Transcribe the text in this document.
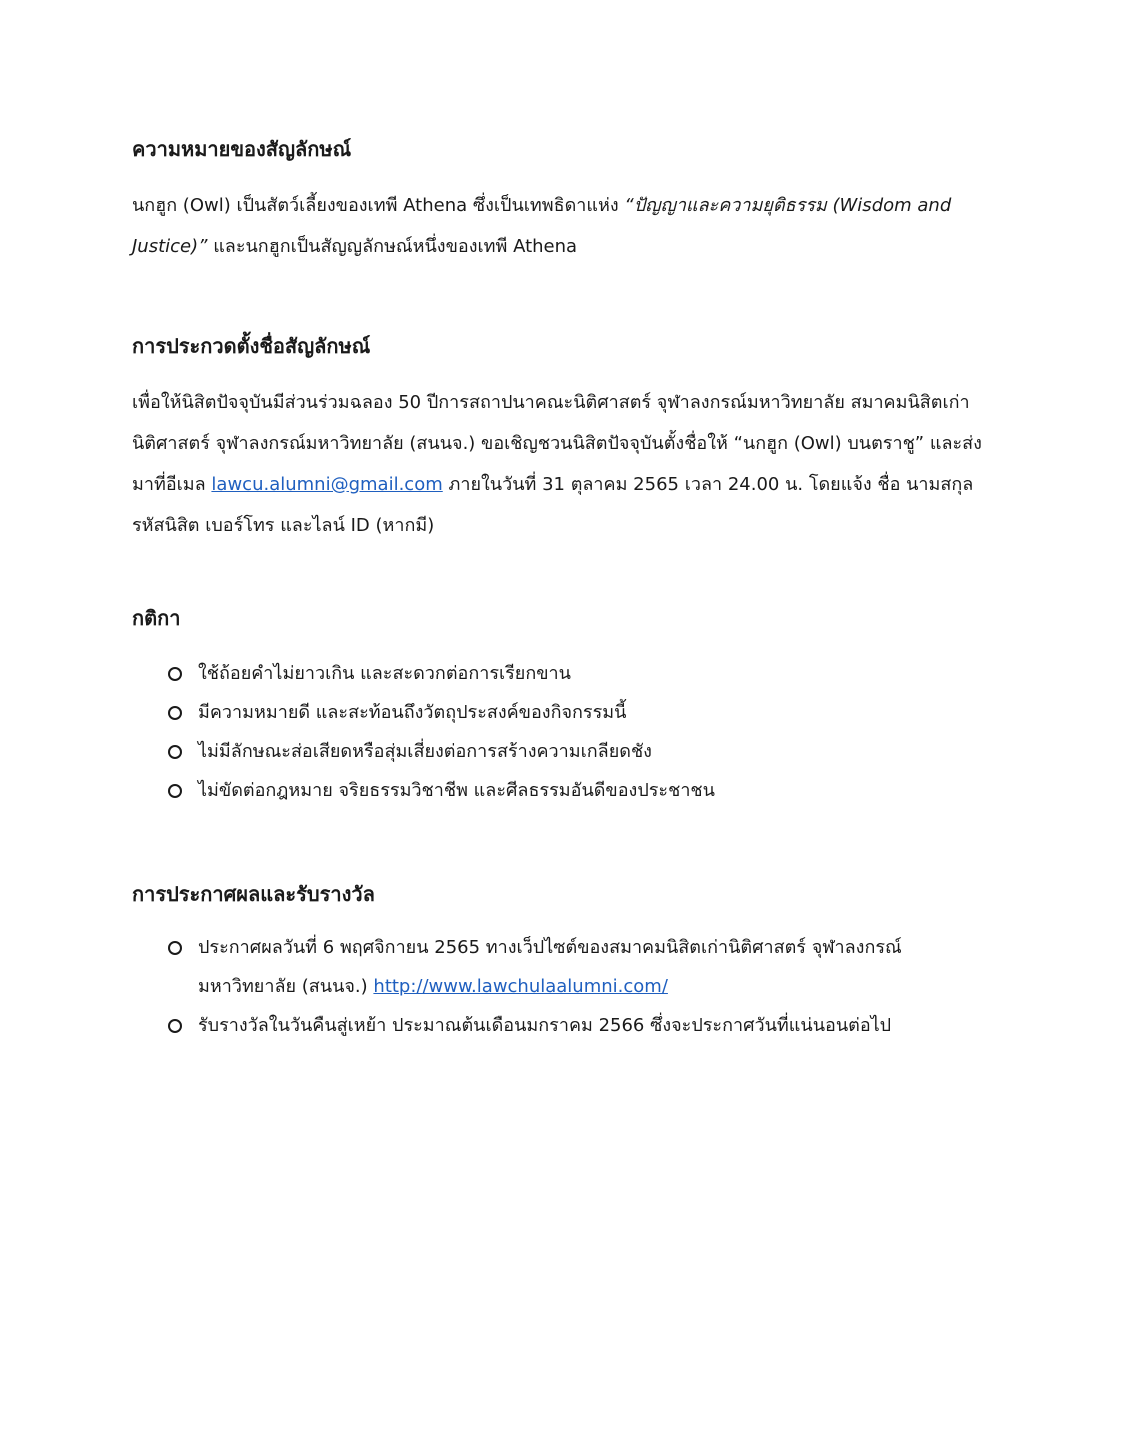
ความหมายของสัญลักษณ์

นกฮูก (Owl) เป็นสัตว์เลี้ยงของเทพี Athena ซึ่งเป็นเทพธิดาแห่ง “ปัญญาและความยุติธรรม (Wisdom and Justice)” และนกฮูกเป็นสัญญลักษณ์หนึ่งของเทพี Athena

การประกวดตั้งชื่อสัญลักษณ์

เพื่อให้นิสิตปัจจุบันมีส่วนร่วมฉลอง 50 ปีการสถาปนาคณะนิติศาสตร์ จุฬาลงกรณ์มหาวิทยาลัย สมาคมนิสิตเก่านิติศาสตร์ จุฬาลงกรณ์มหาวิทยาลัย (สนนจ.) ขอเชิญชวนนิสิตปัจจุบันตั้งชื่อให้ “นกฮูก (Owl) บนตราชู” และส่งมาที่อีเมล lawcu.alumni@gmail.com ภายในวันที่ 31 ตุลาคม 2565 เวลา 24.00 น. โดยแจ้ง ชื่อ นามสกุล รหัสนิสิต เบอร์โทร และไลน์ ID (หากมี)

กติกา
ใช้ถ้อยคำไม่ยาวเกิน และสะดวกต่อการเรียกขาน
มีความหมายดี และสะท้อนถึงวัตถุประสงค์ของกิจกรรมนี้
ไม่มีลักษณะส่อเสียดหรือสุ่มเสี่ยงต่อการสร้างความเกลียดชัง
ไม่ขัดต่อกฎหมาย จริยธรรมวิชาชีพ และศีลธรรมอันดีของประชาชน
การประกาศผลและรับรางวัล
ประกาศผลวันที่ 6 พฤศจิกายน 2565 ทางเว็ปไซต์ของสมาคมนิสิตเก่านิติศาสตร์ จุฬาลงกรณ์มหาวิทยาลัย (สนนจ.) http://www.lawchulaalumni.com/
รับรางวัลในวันคืนสู่เหย้า ประมาณต้นเดือนมกราคม 2566 ซึ่งจะประกาศวันที่แน่นอนต่อไป
